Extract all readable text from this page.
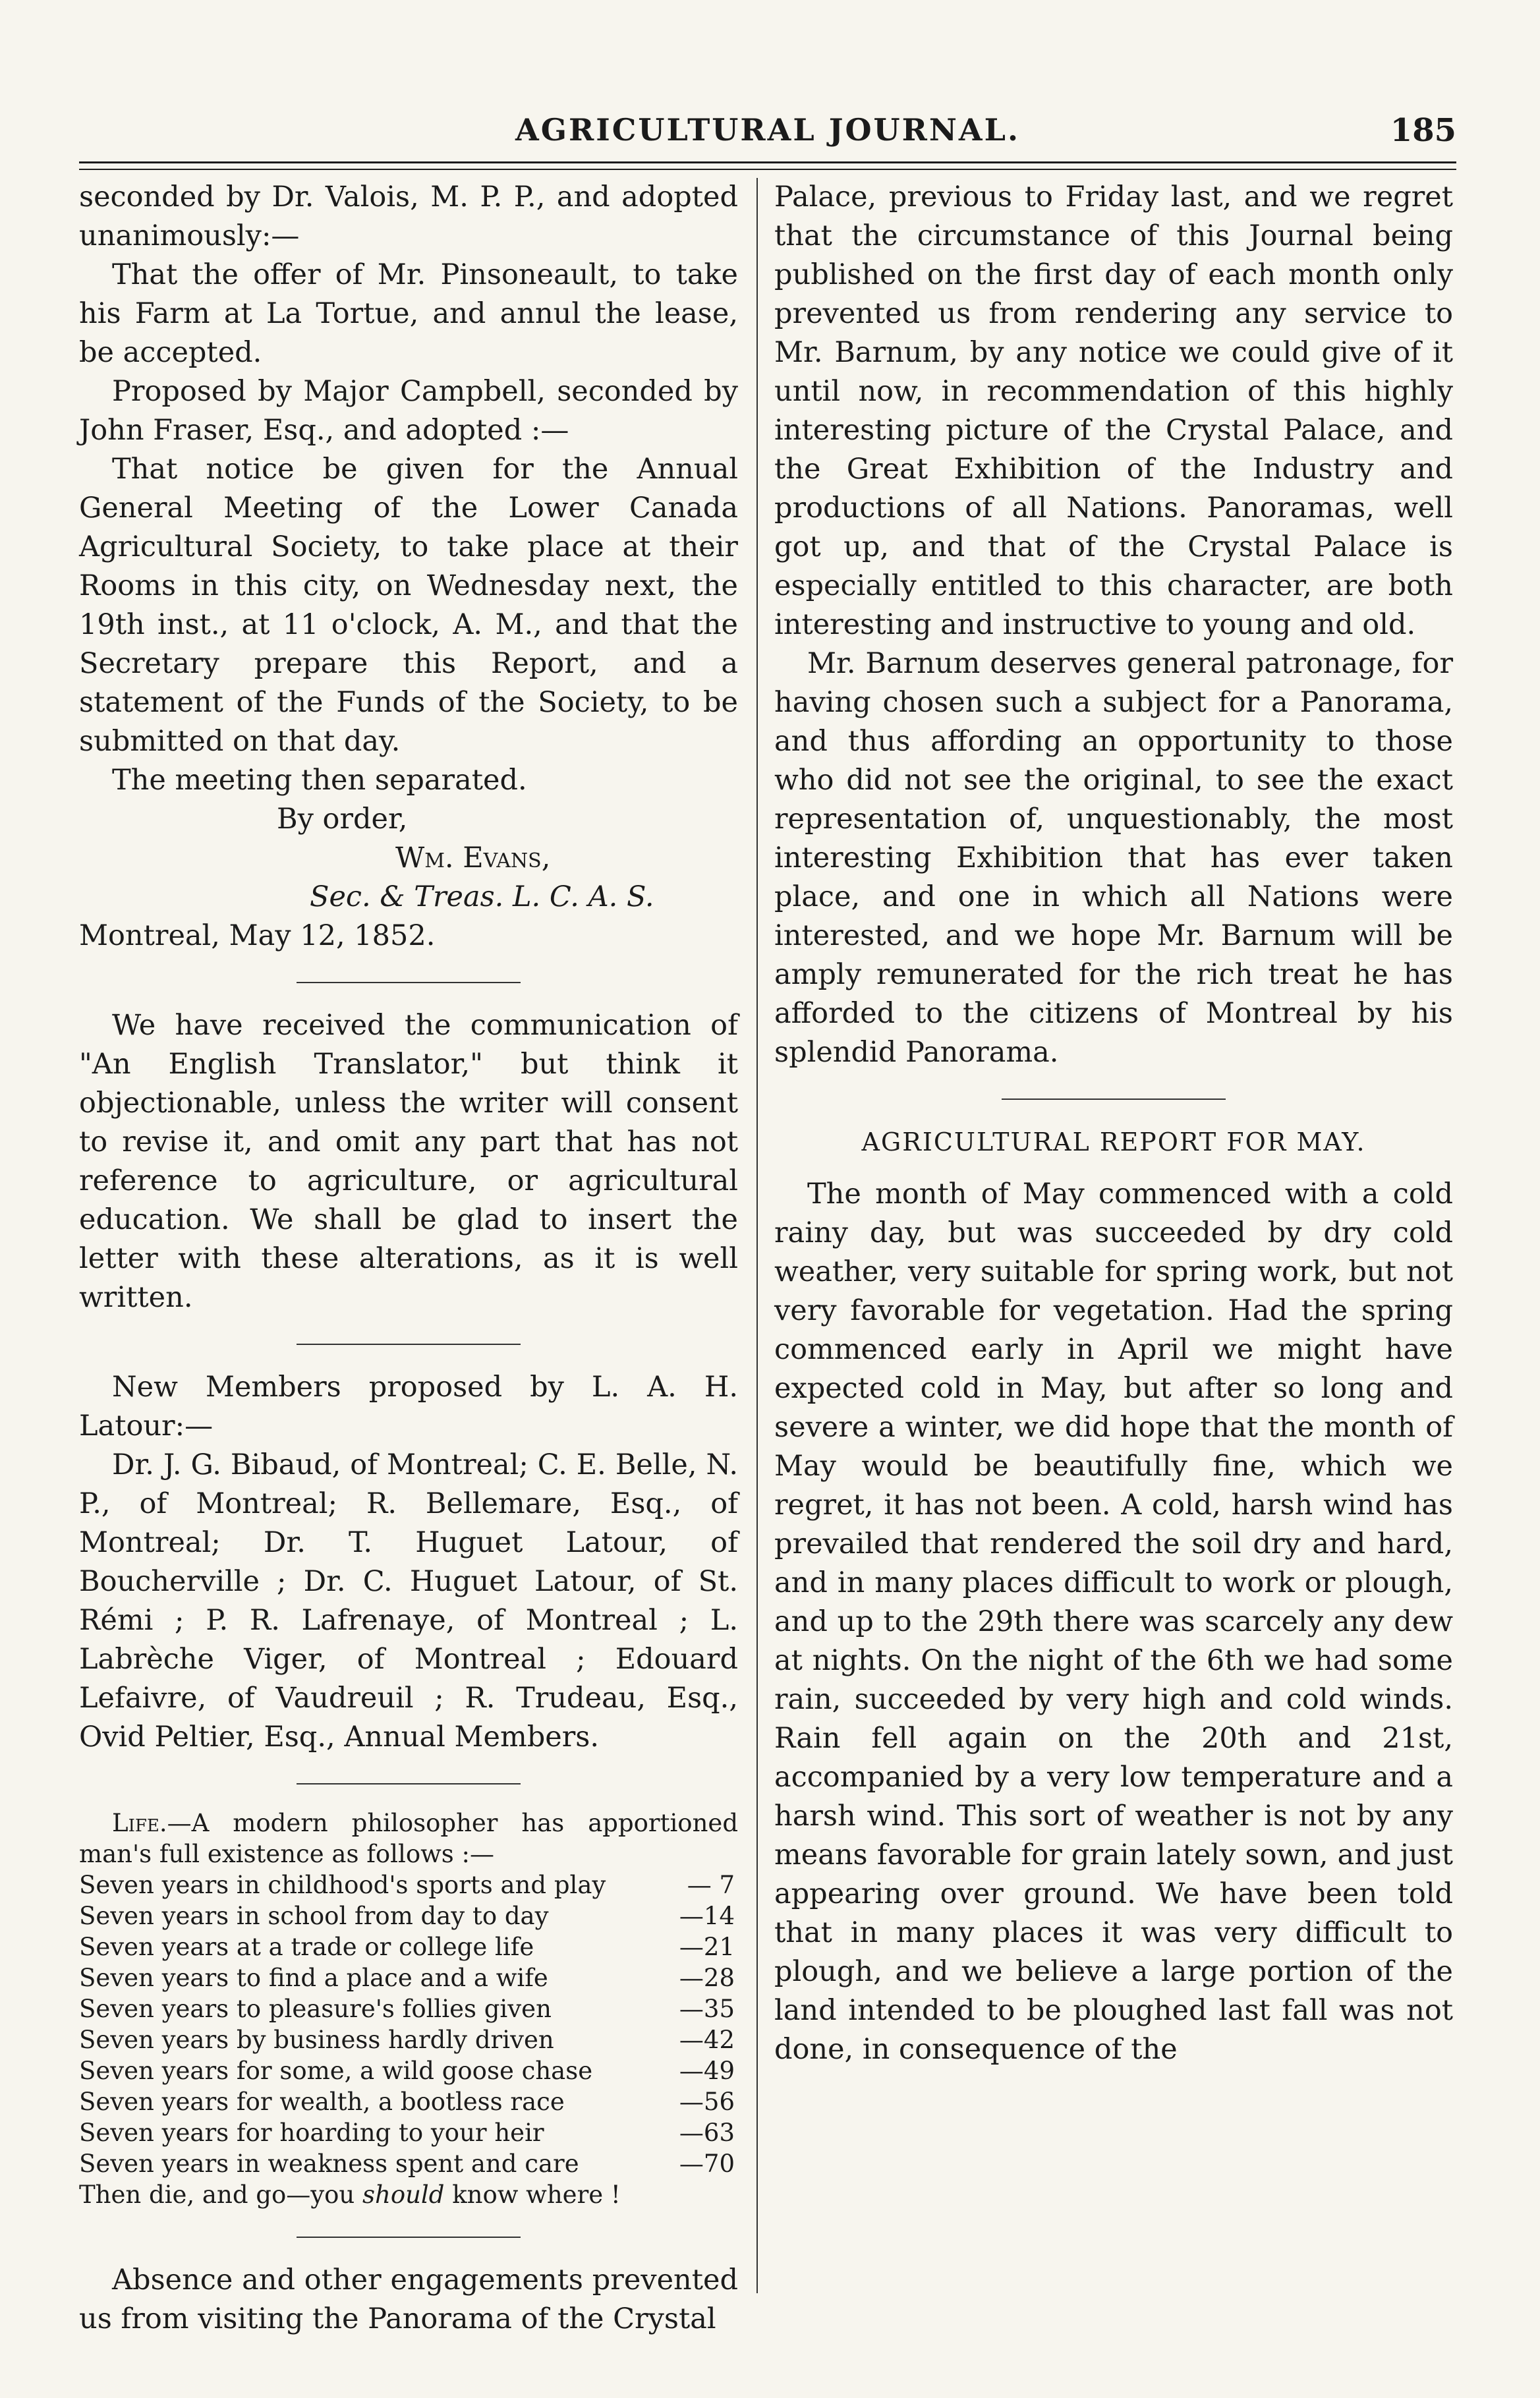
AGRICULTURAL JOURNAL.	185

seconded by Dr. Valois, M. P. P., and adopted unanimously:—

That the offer of Mr. Pinsoneault, to take his Farm at La Tortue, and annul the lease, be accepted.

Proposed by Major Campbell, seconded by John Fraser, Esq., and adopted :—

That notice be given for the Annual General Meeting of the Lower Canada Agricultural Society, to take place at their Rooms in this city, on Wednesday next, the 19th inst., at 11 o'clock, A. M., and that the Secretary prepare this Report, and a statement of the Funds of the Society, to be submitted on that day.

The meeting then separated.

By order,

Wm. Evans,

Sec. & Treas. L. C. A. S.

Montreal, May 12, 1852.

We have received the communication of "An English Translator," but think it objectionable, unless the writer will consent to revise it, and omit any part that has not reference to agriculture, or agricultural education. We shall be glad to insert the letter with these alterations, as it is well written.

New Members proposed by L. A. H. Latour:—

Dr. J. G. Bibaud, of Montreal; C. E. Belle, N. P., of Montreal; R. Bellemare, Esq., of Montreal; Dr. T. Huguet Latour, of Boucherville ; Dr. C. Huguet Latour, of St. Rémi ; P. R. Lafrenaye, of Montreal ; L. Labrèche Viger, of Montreal ; Edouard Lefaivre, of Vaudreuil ; R. Trudeau, Esq., Ovid Peltier, Esq., Annual Members.

Life.—A modern philosopher has apportioned man's full existence as follows :—

Seven years in childhood's sports and play	— 7
Seven years in school from day to day	—14
Seven years at a trade or college life	—21
Seven years to find a place and a wife	—28
Seven years to pleasure's follies given	—35
Seven years by business hardly driven	—42
Seven years for some, a wild goose chase	—49
Seven years for wealth, a bootless race	—56
Seven years for hoarding to your heir	—63
Seven years in weakness spent and care	—70

Then die, and go—you should know where !

Absence and other engagements prevented us from visiting the Panorama of the Crystal

Palace, previous to Friday last, and we regret that the circumstance of this Journal being published on the first day of each month only prevented us from rendering any service to Mr. Barnum, by any notice we could give of it until now, in recommendation of this highly interesting picture of the Crystal Palace, and the Great Exhibition of the Industry and productions of all Nations. Panoramas, well got up, and that of the Crystal Palace is especially entitled to this character, are both interesting and instructive to young and old.

Mr. Barnum deserves general patronage, for having chosen such a subject for a Panorama, and thus affording an opportunity to those who did not see the original, to see the exact representation of, unquestionably, the most interesting Exhibition that has ever taken place, and one in which all Nations were interested, and we hope Mr. Barnum will be amply remunerated for the rich treat he has afforded to the citizens of Montreal by his splendid Panorama.

AGRICULTURAL REPORT FOR MAY.

The month of May commenced with a cold rainy day, but was succeeded by dry cold weather, very suitable for spring work, but not very favorable for vegetation. Had the spring commenced early in April we might have expected cold in May, but after so long and severe a winter, we did hope that the month of May would be beautifully fine, which we regret, it has not been. A cold, harsh wind has prevailed that rendered the soil dry and hard, and in many places difficult to work or plough, and up to the 29th there was scarcely any dew at nights. On the night of the 6th we had some rain, succeeded by very high and cold winds. Rain fell again on the 20th and 21st, accompanied by a very low temperature and a harsh wind. This sort of weather is not by any means favorable for grain lately sown, and just appearing over ground. We have been told that in many places it was very difficult to plough, and we believe a large portion of the land intended to be ploughed last fall was not done, in consequence of the
